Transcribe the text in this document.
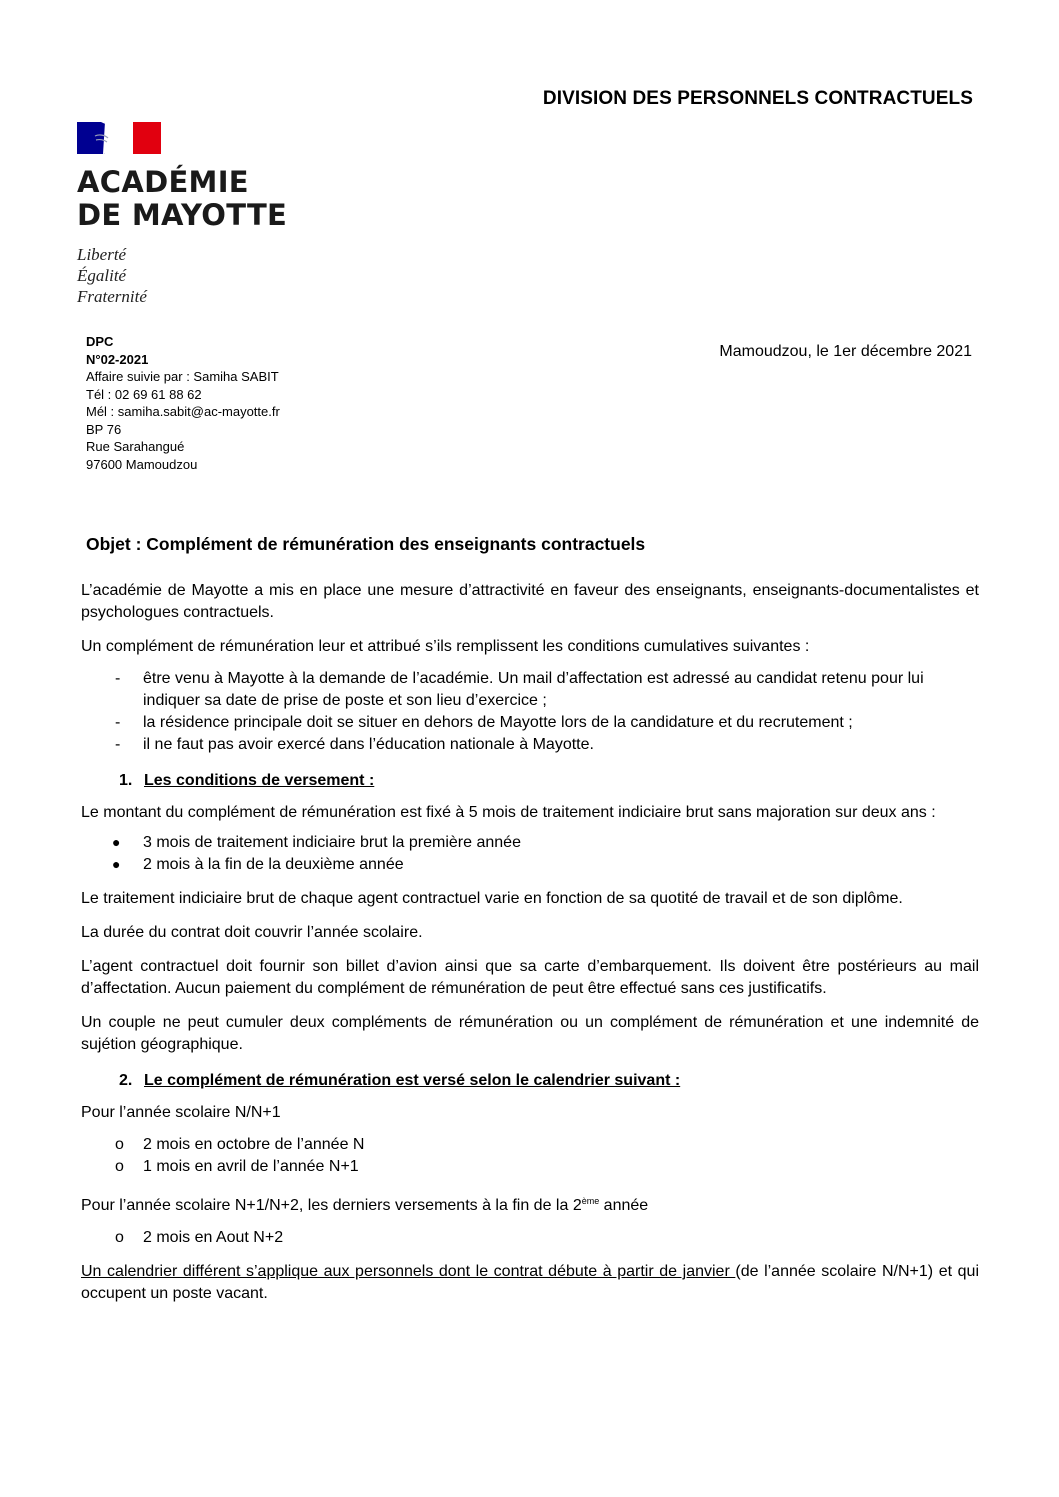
DIVISION DES PERSONNELS CONTRACTUELS
ACADÉMIE
DE MAYOTTE
Liberté
Égalité
Fraternité
DPC
N°02-2021
Affaire suivie par : Samiha SABIT
Tél : 02 69 61 88 62
Mél : samiha.sabit@ac-mayotte.fr
BP 76
Rue Sarahangué
97600 Mamoudzou
Mamoudzou, le 1er décembre 2021
Objet : Complément de rémunération des enseignants contractuels

L’académie de Mayotte a mis en place une mesure d’attractivité en faveur des enseignants, enseignants-documentalistes et psychologues contractuels.

Un complément de rémunération leur et attribué s’ils remplissent les conditions cumulatives suivantes :

- être venu à Mayotte à la demande de l’académie. Un mail d’affectation est adressé au candidat retenu pour lui indiquer sa date de prise de poste et son lieu d’exercice ;
- la résidence principale doit se situer en dehors de Mayotte lors de la candidature et du recrutement ;
- il ne faut pas avoir exercé dans l’éducation nationale à Mayotte.
1. Les conditions de versement :

Le montant du complément de rémunération est fixé à 5 mois de traitement indiciaire brut sans majoration sur deux ans :

● 3 mois de traitement indiciaire brut la première année
● 2 mois à la fin de la deuxième année

Le traitement indiciaire brut de chaque agent contractuel varie en fonction de sa quotité de travail et de son diplôme.

La durée du contrat doit couvrir l’année scolaire.

L’agent contractuel doit fournir son billet d’avion ainsi que sa carte d’embarquement. Ils doivent être postérieurs au mail d’affectation. Aucun paiement du complément de rémunération de peut être effectué sans ces justificatifs.

Un couple ne peut cumuler deux compléments de rémunération ou un complément de rémunération et une indemnité de sujétion géographique.

2. Le complément de rémunération est versé selon le calendrier suivant :

Pour l’année scolaire N/N+1

o 2 mois en octobre de l’année N
o 1 mois en avril de l’année N+1

Pour l’année scolaire N+1/N+2, les derniers versements à la fin de la 2ème année

o 2 mois en Aout N+2

Un calendrier différent s’applique aux personnels dont le contrat débute à partir de janvier (de l’année scolaire N/N+1) et qui occupent un poste vacant.
